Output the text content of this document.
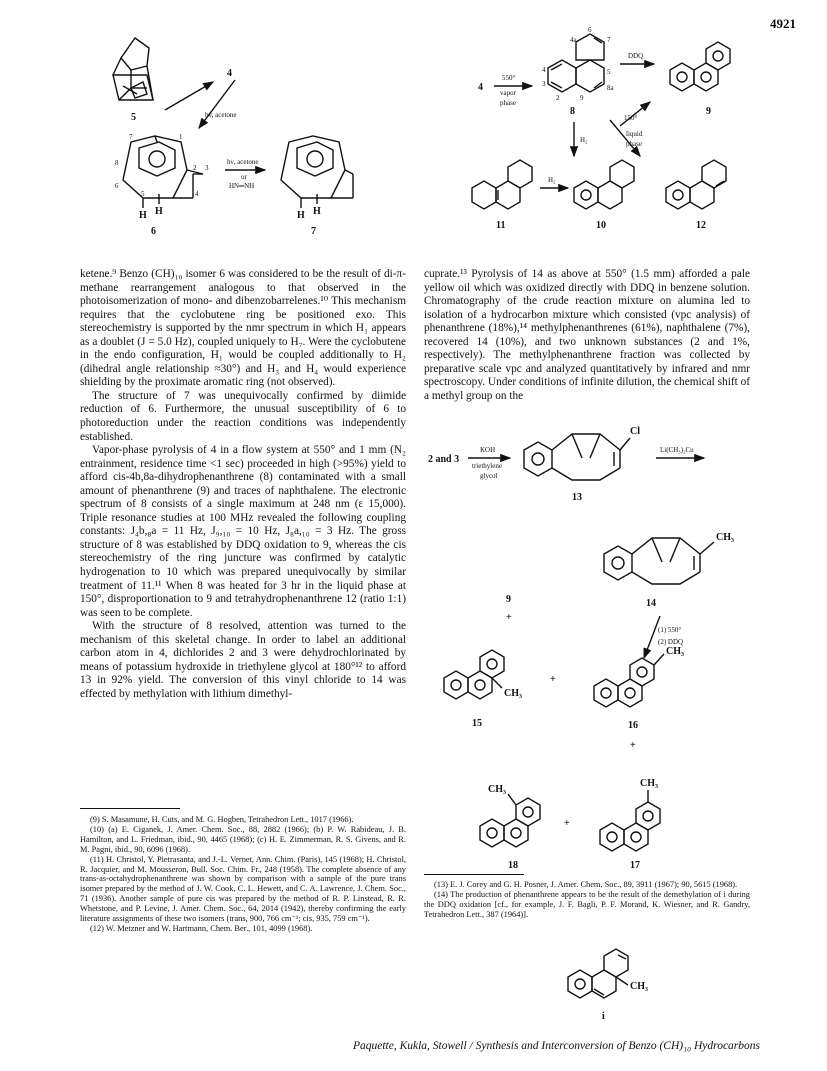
4921
5
4
hν, acetone
7	1
8
6
2 3
4
5
H H
6
hν, acetone
or
HN═NH
H H
7
4
550°
vapor
phase
6
7
4a
5
8a
4
3
2	9
8
DDQ
9
150°
liquid
phase
H₂
11
H₂
10	12

ketene.⁹ Benzo (CH)₁₀ isomer 6 was considered to be the result of di-π-methane rearrangement analogous to that observed in the photoisomerization of mono- and dibenzobarrelenes.¹⁰ This mechanism requires that the cyclobutene ring be positioned exo. This stereochemistry is supported by the nmr spectrum in which H₁ appears as a doublet (J = 5.0 Hz), coupled uniquely to H₇. Were the cyclobutene in the endo configuration, H₁ would be coupled additionally to H₂ (dihedral angle relationship ≈30°) and H₃ and H₄ would experience shielding by the proximate aromatic ring (not observed).

The structure of 7 was unequivocally confirmed by diimide reduction of 6. Furthermore, the unusual susceptibility of 6 to photoreduction under the reaction conditions was independently established.

Vapor-phase pyrolysis of 4 in a flow system at 550° and 1 mm (N₂ entrainment, residence time <1 sec) proceeded in high (>95%) yield to afford cis-4b,8a-dihydrophenanthrene (8) contaminated with a small amount of phenanthrene (9) and traces of naphthalene. The electronic spectrum of 8 consists of a single maximum at 248 nm (ε 15,000). Triple resonance studies at 100 MHz revealed the following coupling constants: J₄b,₈a = 11 Hz, J₉,₁₀ = 10 Hz, J₈a,₁₀ = 3 Hz. The gross structure of 8 was established by DDQ oxidation to 9, whereas the cis stereochemistry of the ring juncture was confirmed by catalytic hydrogenation to 10 which was prepared unequivocally by similar treatment of 11.¹¹ When 8 was heated for 3 hr in the liquid phase at 150°, disproportionation to 9 and tetrahydrophenanthrene 12 (ratio 1:1) was seen to be complete.

With the structure of 8 resolved, attention was turned to the mechanism of this skeletal change. In order to label an additional carbon atom in 4, dichlorides 2 and 3 were dehydrochlorinated by means of potassium hydroxide in triethylene glycol at 180°¹² to afford 13 in 92% yield. The conversion of this vinyl chloride to 14 was effected by methylation with lithium dimethyl-

cuprate.¹³ Pyrolysis of 14 as above at 550° (1.5 mm) afforded a pale yellow oil which was oxidized directly with DDQ in benzene solution. Chromatography of the crude reaction mixture on alumina led to isolation of a hydrocarbon mixture which consisted (vpc analysis) of phenanthrene (18%),¹⁴ methylphenanthrenes (61%), naphthalene (7%), recovered 14 (10%), and two unknown substances (2 and 1%, respectively). The methylphenanthrene fraction was collected by preparative scale vpc and analyzed quantitatively by infrared and nmr spectroscopy. Under conditions of infinite dilution, the chemical shift of a methyl group on the

2 and 3
KOH
triethylene
glycol
Cl
13
Li(CH₃)₂Cu
CH₃
14
(1) 550°
(2) DDQ
9
+
CH₃
15
+
CH₃
16
+
CH₃
18
+
CH₃
17

(9) S. Masamune, H. Cuts, and M. G. Hogben, Tetrahedron Lett., 1017 (1966).

(10) (a) E. Ciganek, J. Amer. Chem. Soc., 88, 2882 (1966); (b) P. W. Rabideau, J. B. Hamilton, and L. Friedman, ibid., 90, 4465 (1968); (c) H. E. Zimmerman, R. S. Givens, and R. M. Pagni, ibid., 90, 6096 (1968).

(11) H. Christol, Y. Pietrasanta, and J.-L. Vernet, Ann. Chim. (Paris), 145 (1968); H. Christol, R. Jacquier, and M. Mousseron, Bull. Soc. Chim. Fr., 248 (1958). The complete absence of any trans-as-octahydrophenanthrene was shown by comparison with a sample of the pure trans isomer prepared by the method of J. W. Cook, C. L. Hewett, and C. A. Lawrence, J. Chem. Soc., 71 (1936). Another sample of pure cis was prepared by the method of R. P. Linstead, R. R. Whetstone, and P. Levine, J. Amer. Chem. Soc., 64, 2014 (1942), thereby confirming the early literature assignments of these two isomers (trans, 900, 766 cm⁻¹; cis, 935, 759 cm⁻¹).

(12) W. Metzner and W. Hartmann, Chem. Ber., 101, 4099 (1968).

(13) E. J. Corey and G. H. Posner, J. Amer. Chem. Soc., 89, 3911 (1967); 90, 5615 (1968).

(14) The production of phenanthrene appears to be the result of the demethylation of i during the DDQ oxidation [cf., for example, J. F. Bagli, P. F. Morand, K. Wiesner, and R. Gandry, Tetrahedron Lett., 387 (1964)].

CH₃
i
Paquette, Kukla, Stowell / Synthesis and Interconversion of Benzo (CH)₁₀ Hydrocarbons
